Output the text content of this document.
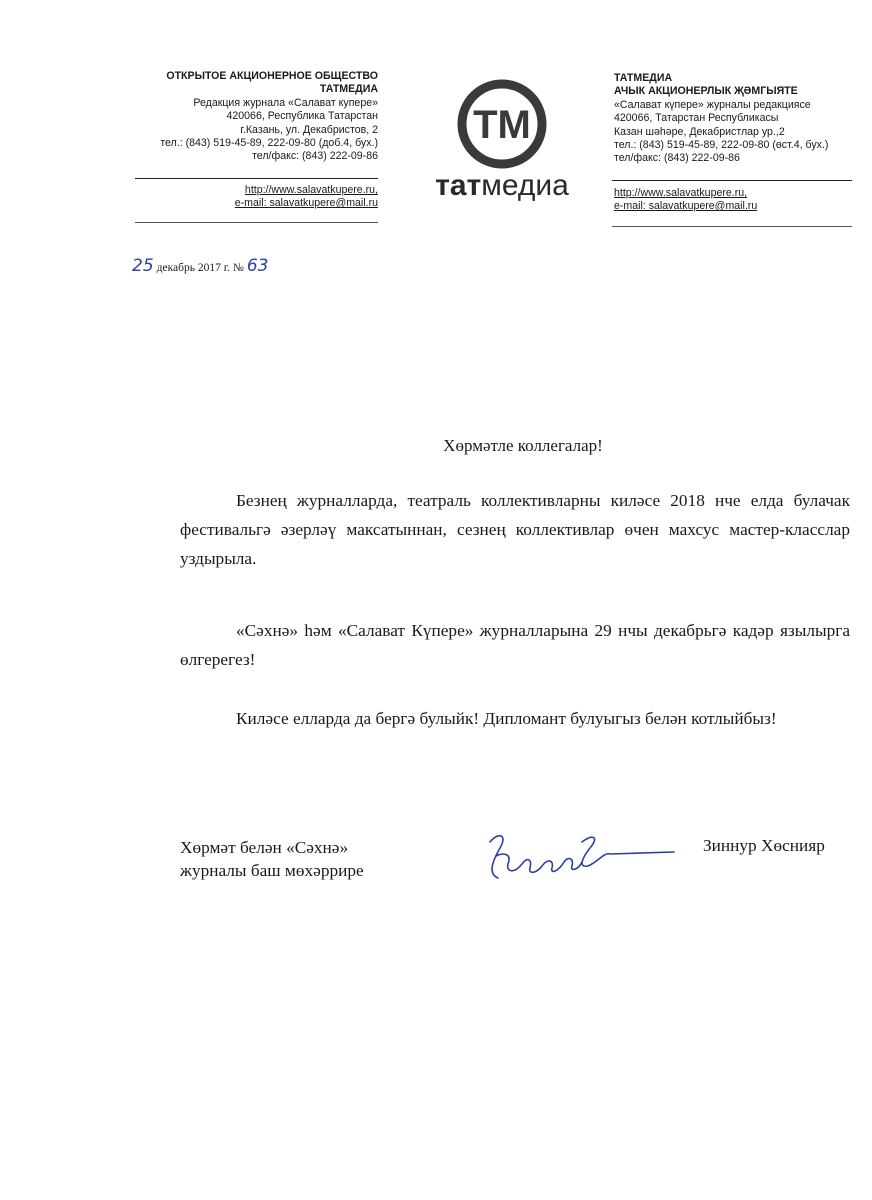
ОТКРЫТОЕ АКЦИОНЕРНОЕ ОБЩЕСТВО
ТАТМЕДИА
Редакция журнала «Салават купере»
420066, Республика Татарстан
г.Казань, ул. Декабристов, 2
тел.: (843) 519-45-89, 222-09-80 (доб.4, бух.)
тел/факс: (843) 222-09-86
http://www.salavatkupere.ru,
e-mail: salavatkupere@mail.ru
ТМ
татмедиа
ТАТМЕДИА
АЧЫК АКЦИОНЕРЛЫК ҖӘМГЫЯТЕ
«Салават күпере» журналы редакциясе
420066, Татарстан Республикасы
Казан шәһәре, Декабристлар ур.,2
тел.: (843) 519-45-89, 222-09-80 (өст.4, бух.)
тел/факс: (843) 222-09-86
http://www.salavatkupere.ru,
e-mail: salavatkupere@mail.ru
25 декабрь 2017 г. № 63
Хөрмәтле коллегалар!
Безнең журналларда, театраль коллективларны киләсе 2018 нче елда булачак фестивальгә әзерләү максатыннан, сезнең коллективлар өчен махсус мастер-класслар уздырыла.
«Сәхнә» һәм «Салават Күпере» журналларына 29 нчы декабрьгә кадәр язылырга өлгерегез!
Киләсе елларда да бергә булыйк! Дипломант булуыгыз белән котлыйбыз!
Хөрмәт белән «Сәхнә»
журналы баш мөхәррире
Зиннур Хөснияр
